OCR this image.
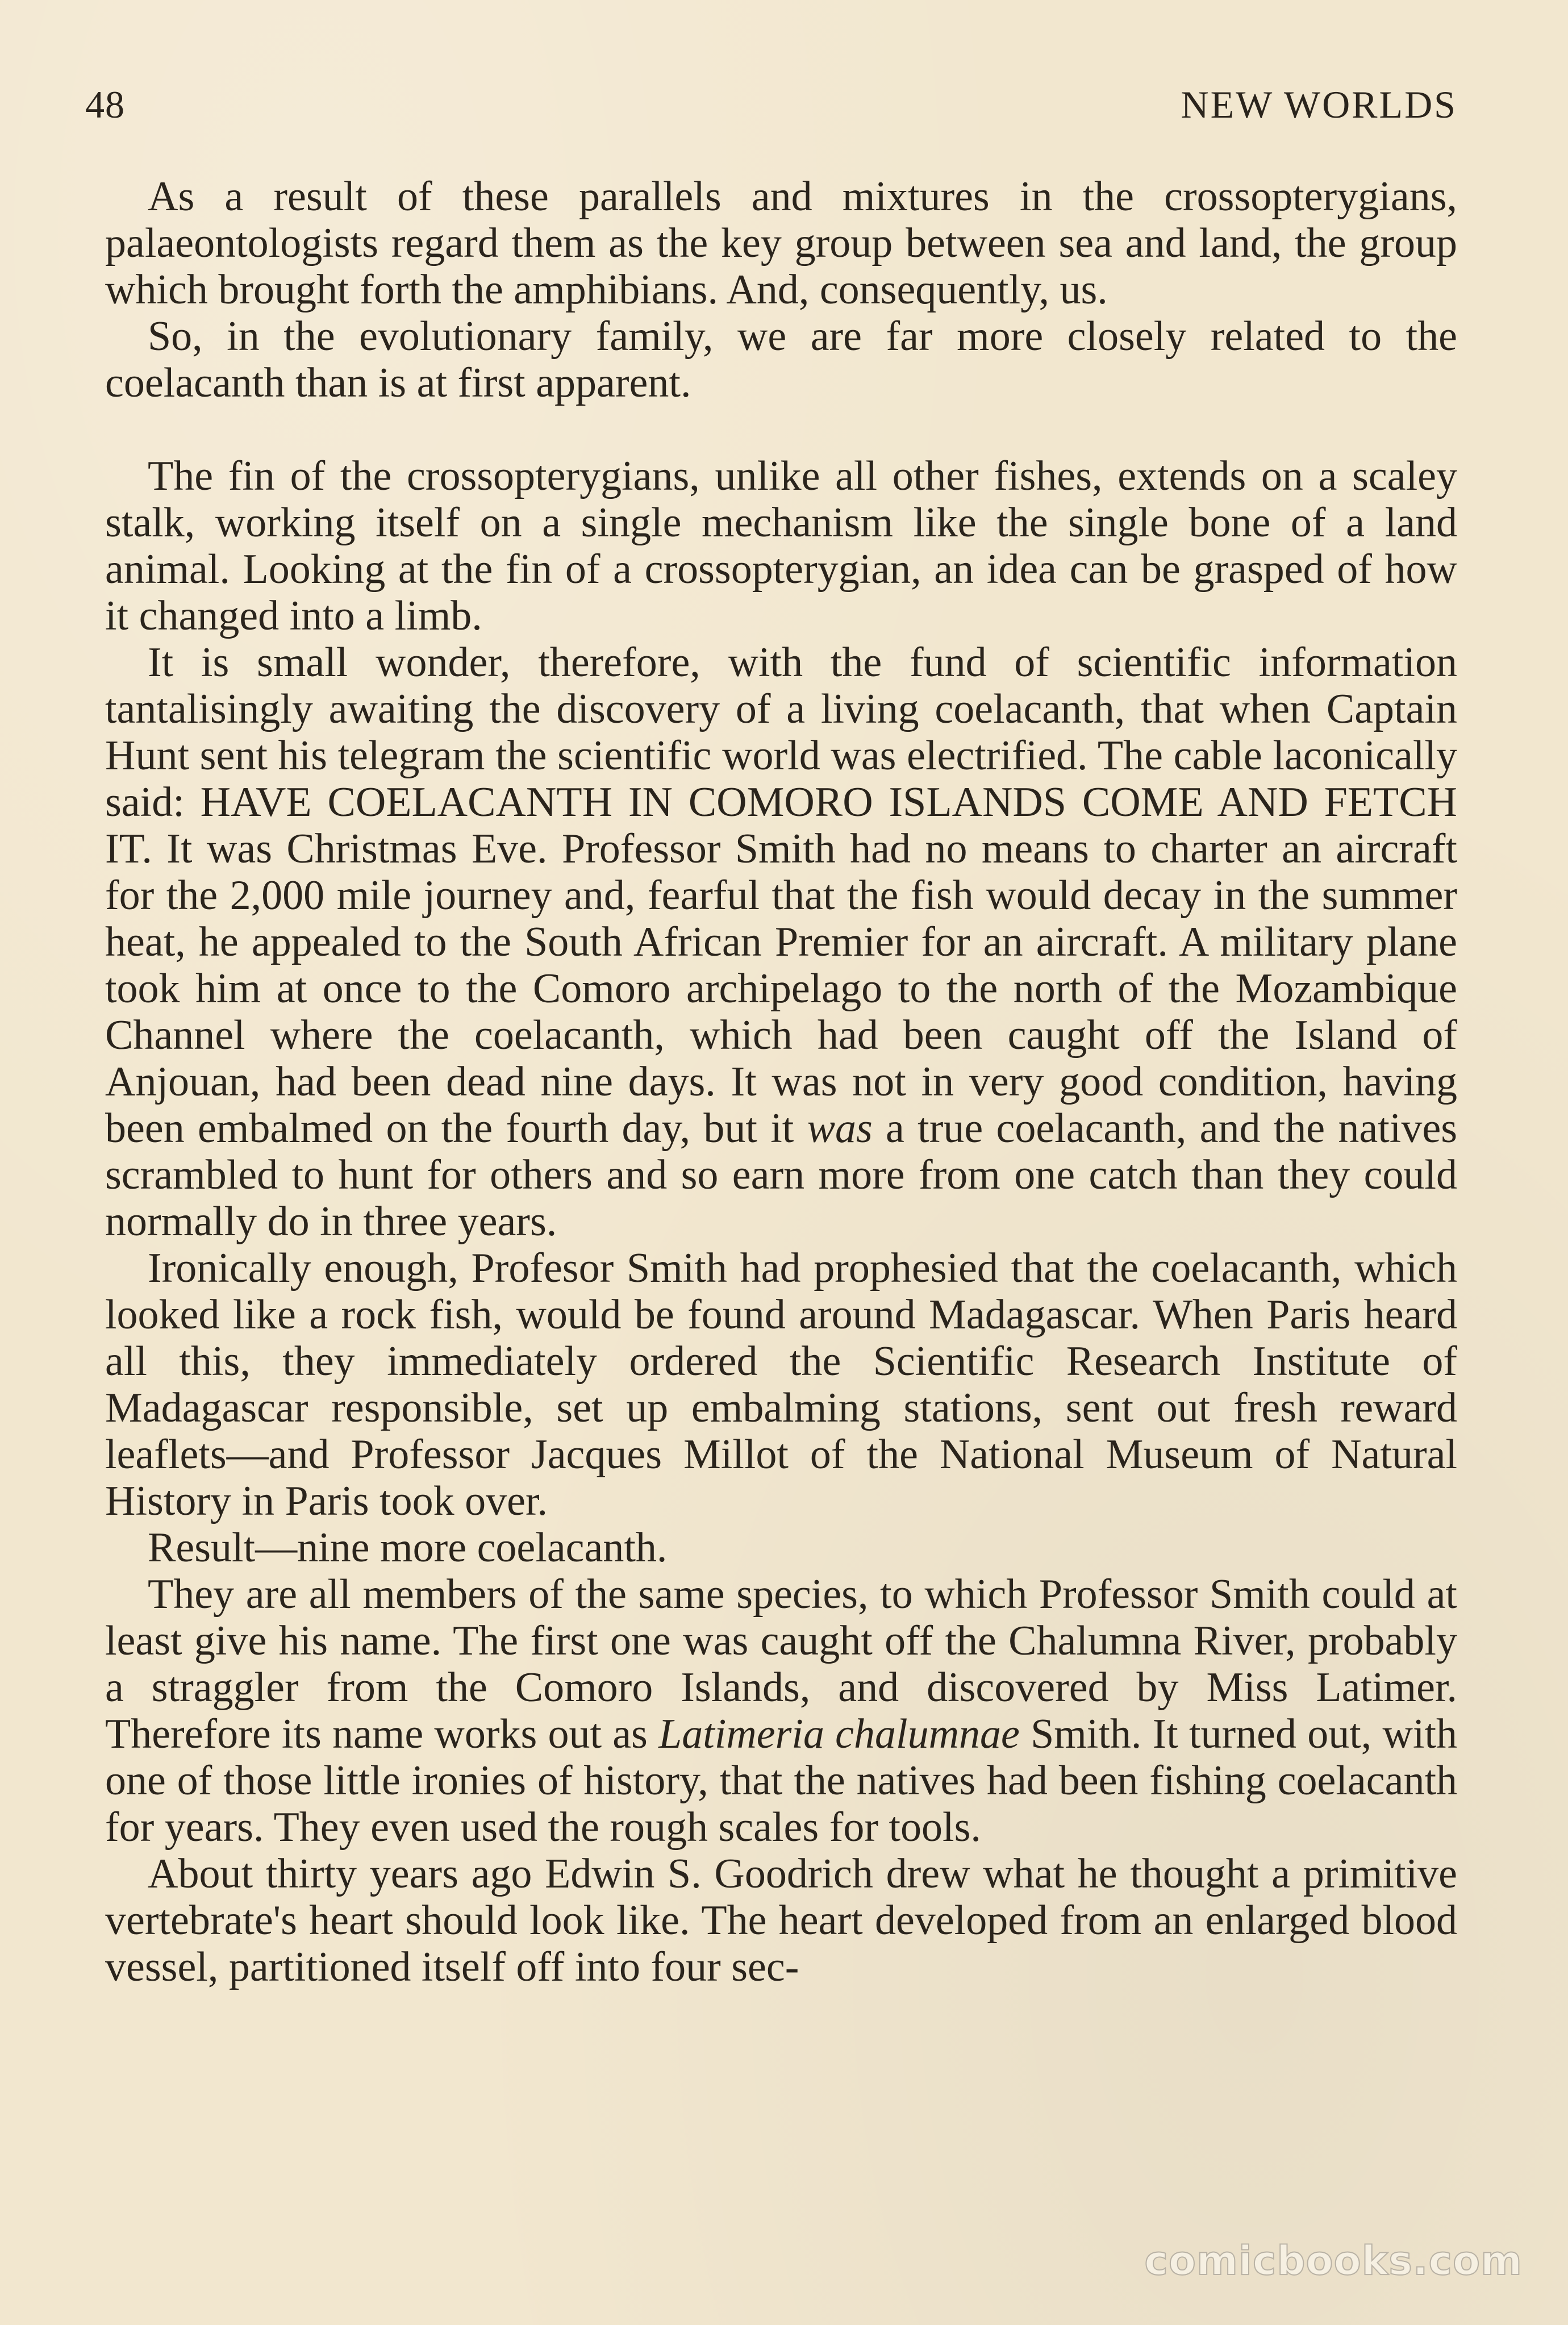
48	NEW WORLDS

As a result of these parallels and mixtures in the crossopterygians, palaeontologists regard them as the key group between sea and land, the group which brought forth the amphibians. And, consequently, us.

So, in the evolutionary family, we are far more closely related to the coelacanth than is at first apparent.

The fin of the crossopterygians, unlike all other fishes, extends on a scaley stalk, working itself on a single mechanism like the single bone of a land animal. Looking at the fin of a crossopterygian, an idea can be grasped of how it changed into a limb.

It is small wonder, therefore, with the fund of scientific information tantalisingly awaiting the discovery of a living coelacanth, that when Captain Hunt sent his telegram the scientific world was electrified. The cable laconically said: HAVE COELACANTH IN COMORO ISLANDS COME AND FETCH IT. It was Christmas Eve. Professor Smith had no means to charter an aircraft for the 2,000 mile journey and, fearful that the fish would decay in the summer heat, he appealed to the South African Premier for an aircraft. A military plane took him at once to the Comoro archipelago to the north of the Mozambique Channel where the coelacanth, which had been caught off the Island of Anjouan, had been dead nine days. It was not in very good condition, having been embalmed on the fourth day, but it was a true coelacanth, and the natives scrambled to hunt for others and so earn more from one catch than they could normally do in three years.

Ironically enough, Profesor Smith had prophesied that the coelacanth, which looked like a rock fish, would be found around Madagascar. When Paris heard all this, they immediately ordered the Scientific Research Institute of Madagascar responsible, set up embalming stations, sent out fresh reward leaflets—and Professor Jacques Millot of the National Museum of Natural History in Paris took over.

Result—nine more coelacanth.

They are all members of the same species, to which Professor Smith could at least give his name. The first one was caught off the Chalumna River, probably a straggler from the Comoro Islands, and discovered by Miss Latimer. Therefore its name works out as Latimeria chalumnae Smith. It turned out, with one of those little ironies of history, that the natives had been fishing coelacanth for years. They even used the rough scales for tools.

About thirty years ago Edwin S. Goodrich drew what he thought a primitive vertebrate's heart should look like. The heart developed from an enlarged blood vessel, partitioned itself off into four sec-

comicbooks.com
